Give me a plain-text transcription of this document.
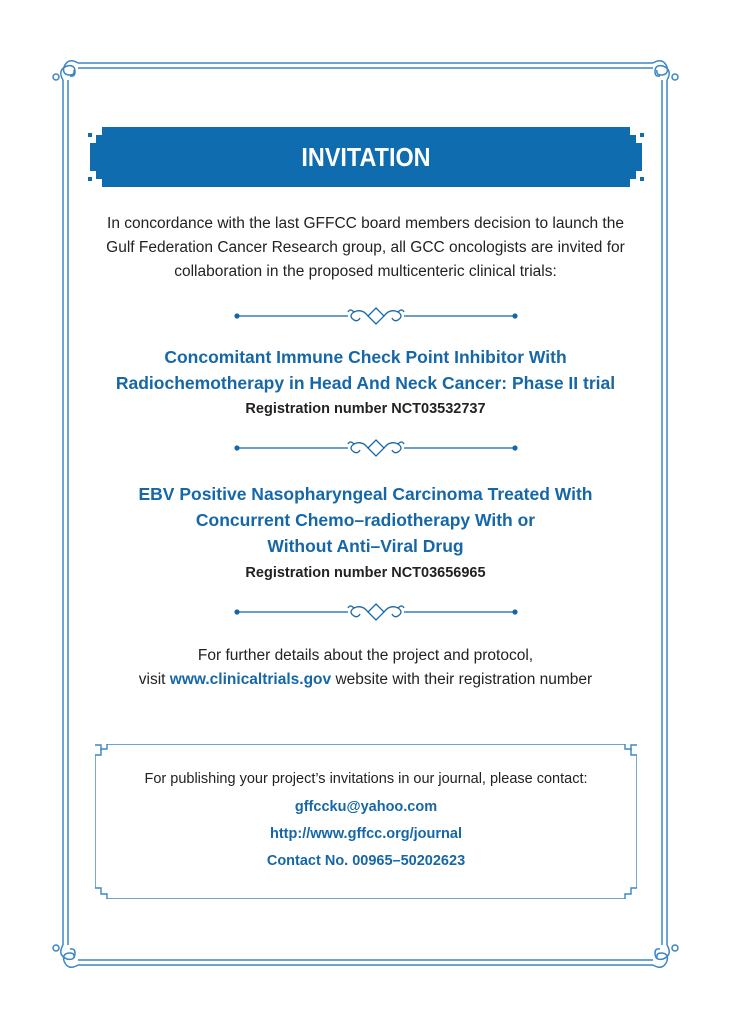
INVITATION
In concordance with the last GFFCC board members decision to launch the
Gulf Federation Cancer Research group, all GCC oncologists are invited for
collaboration in the proposed multicenteric clinical trials:
Concomitant Immune Check Point Inhibitor With
Radiochemotherapy in Head And Neck Cancer: Phase II trial
Registration number NCT03532737
EBV Positive Nasopharyngeal Carcinoma Treated With
Concurrent Chemo–radiotherapy With or
Without Anti–Viral Drug
Registration number NCT03656965
For further details about the project and protocol,
visit www.clinicaltrials.gov website with their registration number
For publishing your project’s invitations in our journal, please contact:
gffccku@yahoo.com
http://www.gffcc.org/journal
Contact No. 00965–50202623
